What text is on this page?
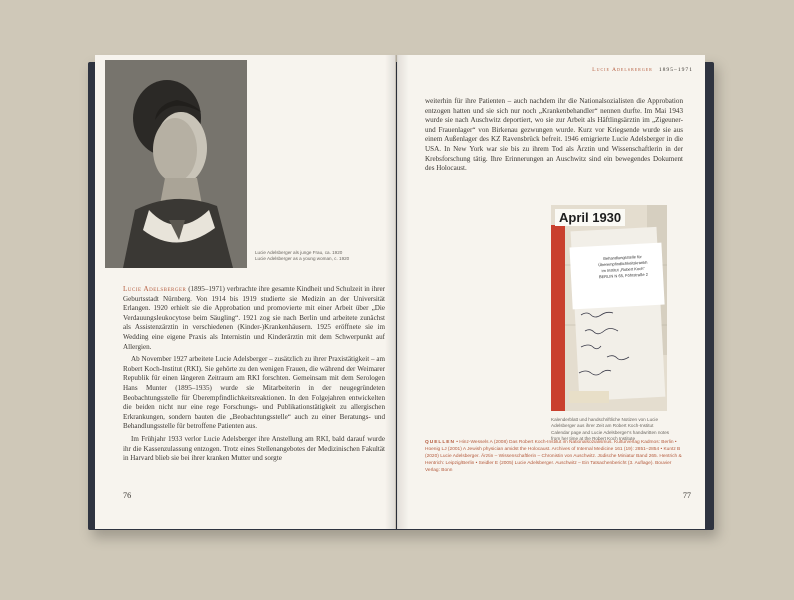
Lucie Adelsberger als junge Frau, ca. 1920
Lucie Adelsberger as a young woman, c. 1920

Lucie Adelsberger (1895–1971) verbrachte ihre gesamte Kindheit und Schulzeit in ihrer Geburtsstadt Nürnberg. Von 1914 bis 1919 studierte sie Medizin an der Universität Erlangen. 1920 erhielt sie die Approbation und promovierte mit einer Arbeit über „Die Verdauungsleukocytose beim Säugling“. 1921 zog sie nach Berlin und arbeitete zunächst als Assistenzärztin in verschiedenen (Kinder-)Krankenhäusern. 1925 eröffnete sie im Wedding eine eigene Praxis als Internistin und Kinderärztin mit dem Schwerpunkt auf Allergien.

Ab November 1927 arbeitete Lucie Adelsberger – zusätzlich zu ihrer Praxistätigkeit – am Robert Koch-Institut (RKI). Sie gehörte zu den wenigen Frauen, die während der Weimarer Republik für einen längeren Zeitraum am RKI forschten. Gemeinsam mit dem Serologen Hans Munter (1895–1935) wurde sie Mitarbeiterin in der neugegründeten Beobachtungsstelle für Überempfindlichkeitsreaktionen. In den Folgejahren entwickelten die beiden nicht nur eine rege Forschungs- und Publikationstätigkeit zu allergischen Erkrankungen, sondern bauten die „Beobachtungsstelle“ auch zu einer Beratungs- und Behandlungsstelle für betroffene Patienten aus.

Im Frühjahr 1933 verlor Lucie Adelsberger ihre Anstellung am RKI, bald darauf wurde ihr die Kassenzulassung entzogen. Trotz eines Stellenangebotes der Medizinischen Fakultät in Harvard blieb sie bei ihrer kranken Mutter und sorgte

76
Lucie Adelsberger 1895–1971
weiterhin für ihre Patienten – auch nachdem ihr die Nationalsozialisten die Approbation entzogen hatten und sie sich nur noch „Krankenbehandler“ nennen durfte. Im Mai 1943 wurde sie nach Auschwitz deportiert, wo sie zur Arbeit als Häftlingsärztin im „Zigeuner- und Frauenlager“ von Birkenau gezwungen wurde. Kurz vor Kriegsende wurde sie aus einem Außenlager des KZ Ravensbrück befreit. 1946 emigrierte Lucie Adelsberger in die USA. In New York war sie bis zu ihrem Tod als Ärztin und Wissenschaftlerin in der Krebsforschung tätig. Ihre Erinnerungen an Auschwitz sind ein bewegendes Dokument des Holocaust.
April 1930
Behandlungsstelle für
Überempfindlichkeitskrankh
im Institut „Robert Koch“
BERLIN N 65, Föhrstraße 2
Kalenderblatt und handschriftliche Notizen von Lucie Adelsberger aus ihrer Zeit am Robert Koch-Institut
Calendar page and Lucie Adelsberger’s handwritten notes from her time at the Robert Koch Institute
QUELLEN • Hinz-Wessels A (2008) Das Robert Koch-Institut im Nationalsozialismus. Kulturverlag Kadmos: Berlin • Hoenig LJ (2001) A Jewish physician amidst the Holocaust. Archives of Internal Medicine 161 (19): 2851–2854 • Kuntz B (2020) Lucie Adelsberger. Ärztin – Wissenschaftlerin – Chronistin von Auschwitz. Jüdische Miniatur Band 265. Hentrich & Hentrich: Leipzig/Berlin • Seidler E (2005) Lucie Adelsberger. Auschwitz – Ein Tatsachenbericht (3. Auflage). Bouvier Verlag: Bonn
77
